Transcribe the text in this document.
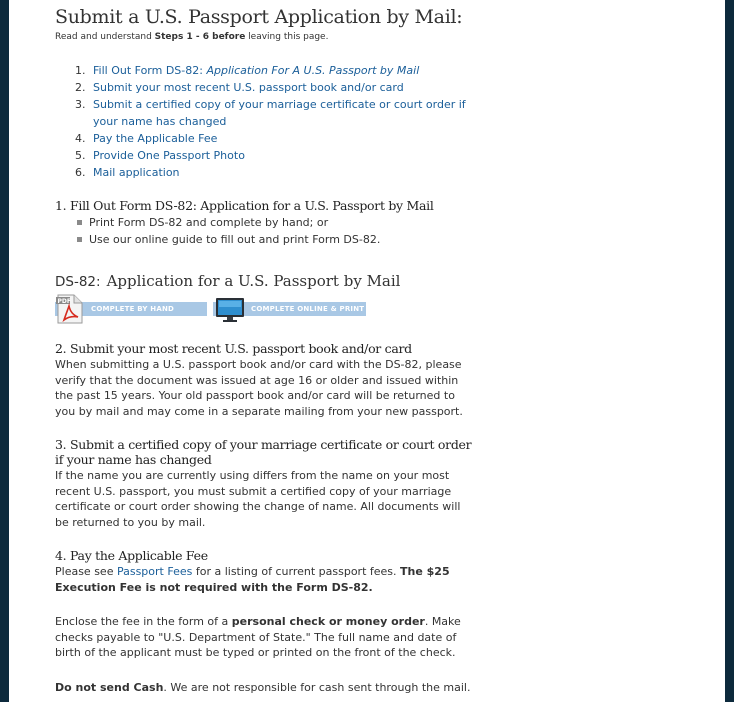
Submit a U.S. Passport Application by Mail:
Read and understand Steps 1 - 6 before leaving this page.
1. Fill Out Form DS-82: Application For A U.S. Passport by Mail
2. Submit your most recent U.S. passport book and/or card
3. Submit a certified copy of your marriage certificate or court order if your name has changed
4. Pay the Applicable Fee
5. Provide One Passport Photo
6. Mail application
1. Fill Out Form DS-82: Application for a U.S. Passport by Mail
Print Form DS-82 and complete by hand; or
Use our online guide to fill out and print Form DS-82.
DS-82: Application for a U.S. Passport by Mail
PDF
COMPLETE BY HAND	COMPLETE ONLINE & PRINT
2. Submit your most recent U.S. passport book and/or card
When submitting a U.S. passport book and/or card with the DS-82, please verify that the document was issued at age 16 or older and issued within the past 15 years. Your old passport book and/or card will be returned to you by mail and may come in a separate mailing from your new passport.
3. Submit a certified copy of your marriage certificate or court order if your name has changed
If the name you are currently using differs from the name on your most recent U.S. passport, you must submit a certified copy of your marriage certificate or court order showing the change of name. All documents will be returned to you by mail.
4. Pay the Applicable Fee
Please see Passport Fees for a listing of current passport fees. The $25 Execution Fee is not required with the Form DS-82.
Enclose the fee in the form of a personal check or money order. Make checks payable to "U.S. Department of State." The full name and date of birth of the applicant must be typed or printed on the front of the check.
Do not send Cash. We are not responsible for cash sent through the mail.
